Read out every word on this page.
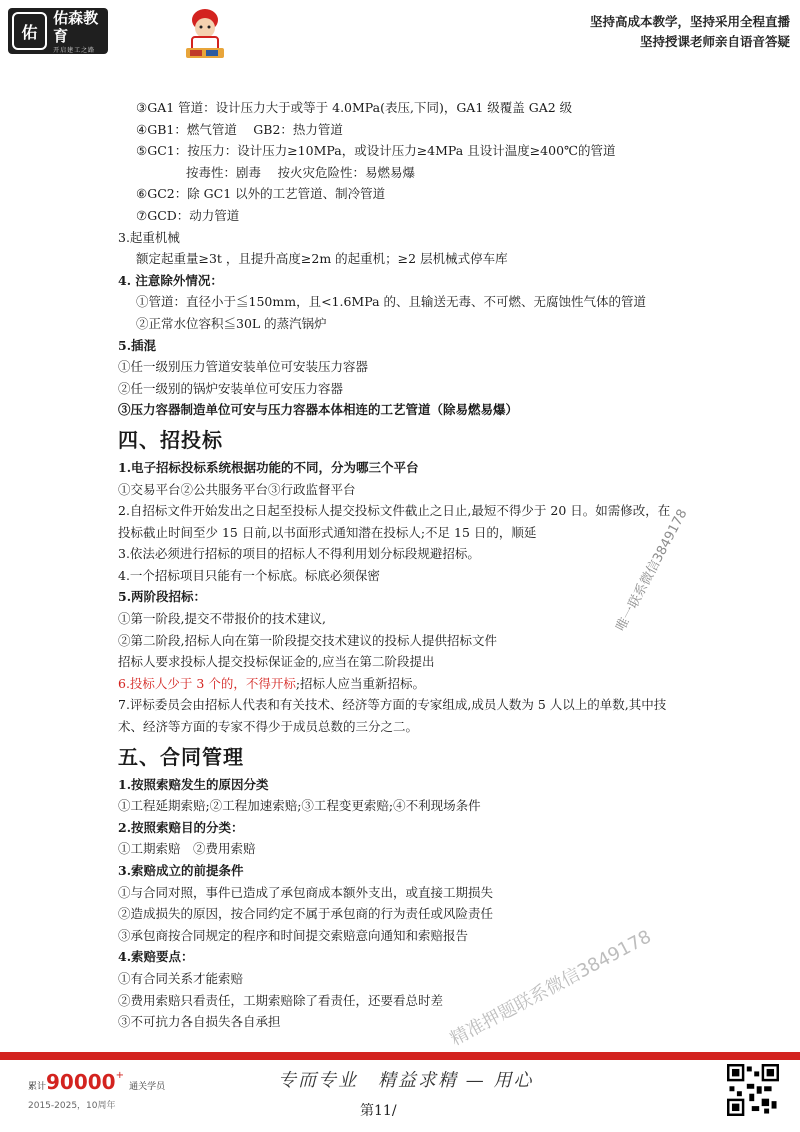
佑
佑森教育
开启建工之路
坚持高成本教学，坚持采用全程直播
坚持授课老师亲自语音答疑
③GA1 管道：设计压力大于或等于 4.0MPa(表压,下同)，GA1 级覆盖 GA2 级
④GB1：燃气管道　 GB2：热力管道
⑤GC1：按压力：设计压力≥10MPa，或设计压力≥4MPa 且设计温度≥400℃的管道
按毒性：剧毒　 按火灾危险性：易燃易爆
⑥GC2：除 GC1 以外的工艺管道、制冷管道
⑦GCD：动力管道
3.起重机械
额定起重量≥3t ，且提升高度≥2m 的起重机；≥2 层机械式停车库
4. 注意除外情况：
①管道：直径小于≦150mm，且<1.6MPa 的、且输送无毒、不可燃、无腐蚀性气体的管道
②正常水位容积≦30L 的蒸汽锅炉
5.插混
①任一级别压力管道安装单位可安装压力容器
②任一级别的锅炉安装单位可安压力容器
③压力容器制造单位可安与压力容器本体相连的工艺管道（除易燃易爆）
四、招投标
1.电子招标投标系统根据功能的不同，分为哪三个平台
①交易平台②公共服务平台③行政监督平台
2.自招标文件开始发出之日起至投标人提交投标文件截止之日止,最短不得少于 20 日。如需修改，在投标截止时间至少 15 日前,以书面形式通知潜在投标人;不足 15 日的，顺延
3.依法必须进行招标的项目的招标人不得利用划分标段规避招标。
4.一个招标项目只能有一个标底。标底必须保密
5.两阶段招标：
①第一阶段,提交不带报价的技术建议,
②第二阶段,招标人向在第一阶段提交技术建议的投标人提供招标文件
招标人要求投标人提交投标保证金的,应当在第二阶段提出
6.投标人少于 3 个的，不得开标;招标人应当重新招标。
7.评标委员会由招标人代表和有关技术、经济等方面的专家组成,成员人数为 5 人以上的单数,其中技术、经济等方面的专家不得少于成员总数的三分之二。
五、合同管理
1.按照索赔发生的原因分类
①工程延期索赔;②工程加速索赔;③工程变更索赔;④不利现场条件
2.按照索赔目的分类：
①工期索赔　②费用索赔
3.索赔成立的前提条件
①与合同对照，事件已造成了承包商成本额外支出，或直接工期损失
②造成损失的原因，按合同约定不属于承包商的行为责任或风险责任
③承包商按合同规定的程序和时间提交索赔意向通知和索赔报告
4.索赔要点：
①有合同关系才能索赔
②费用索赔只看责任，工期索赔除了看责任，还要看总时差
③不可抗力各自损失各自承担
唯一联系微信3849178
精准押题联系微信3849178
累计90000+ 通关学员
2015-2025，10周年
专而专业　精益求精 — 用心
第11/
